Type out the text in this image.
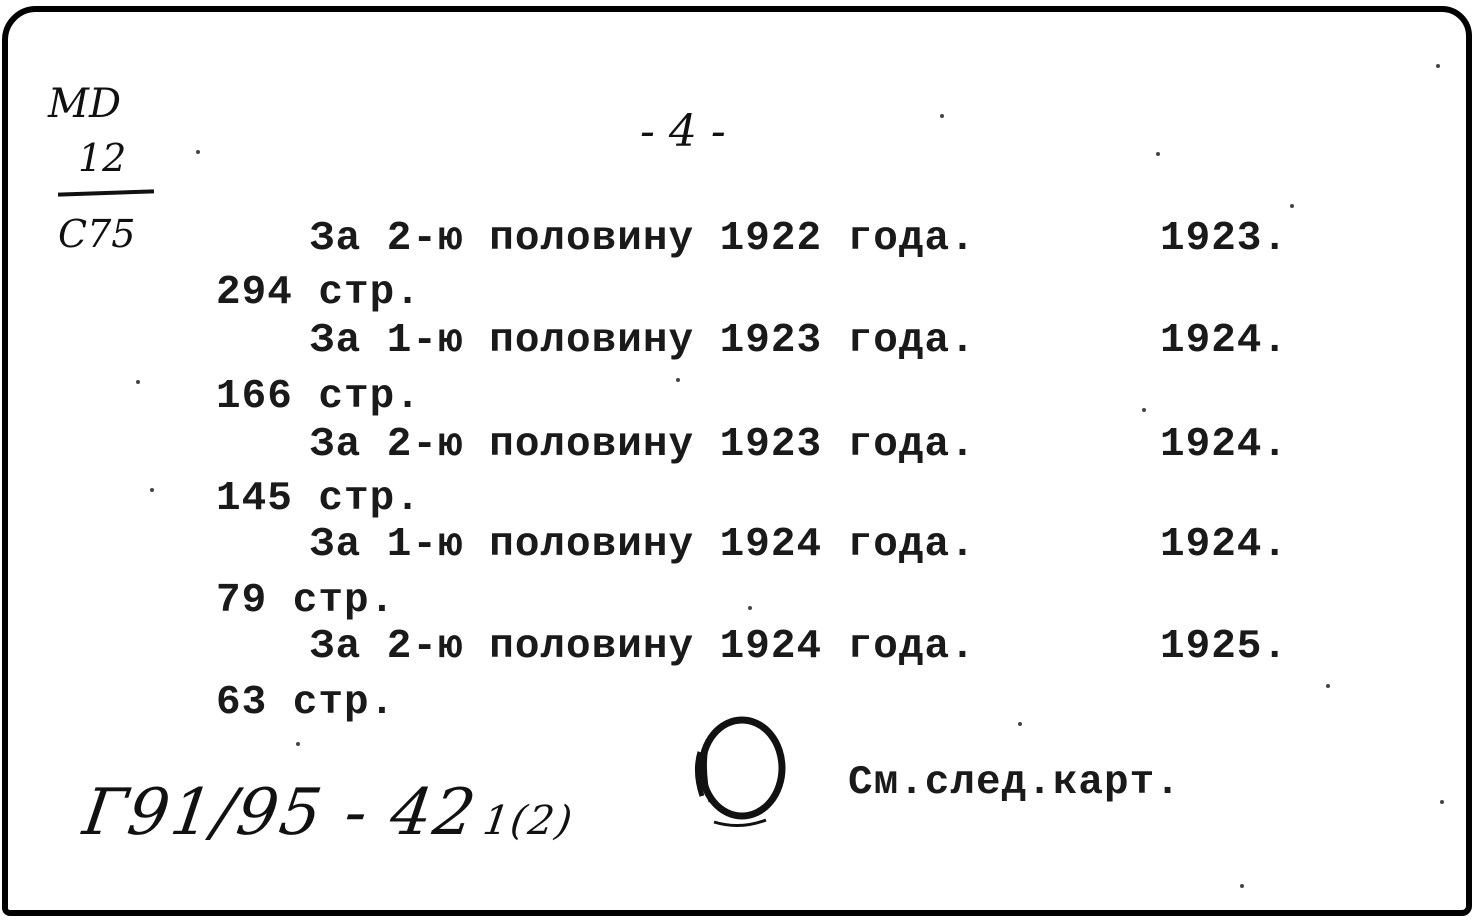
MD
12
C75
- 4 -
За 2-ю половину 1922 года.	1923.
294 стр.
За 1-ю половину 1923 года.	1924.
166 стр.
За 2-ю половину 1923 года.	1924.
145 стр.
За 1-ю половину 1924 года.	1924.
79 стр.
За 2-ю половину 1924 года.	1925.
63 стр.
См.след.карт.
Г91/95 - 421(2)
